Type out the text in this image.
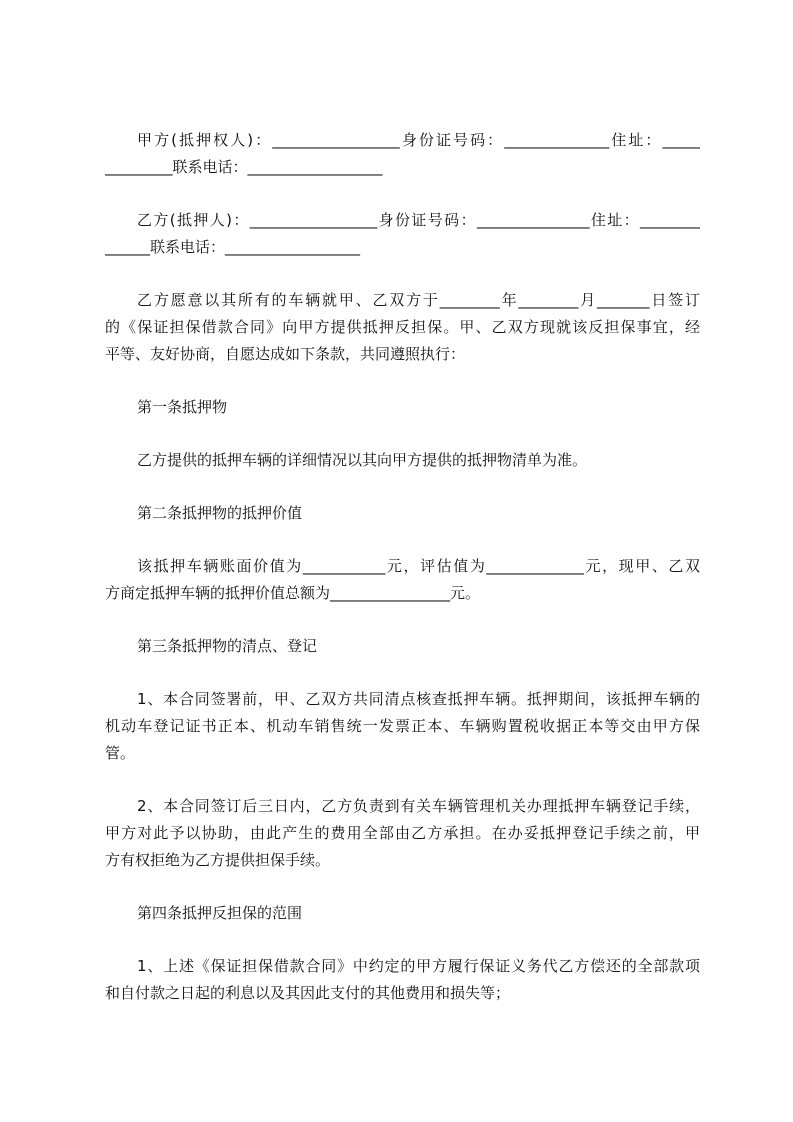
甲方(抵押权人)：_________________身份证号码：______________住址：_____
_________联系电话：__________________
乙方(抵押人)：_________________身份证号码：_______________住址：________
______联系电话：__________________
乙方愿意以其所有的车辆就甲、乙双方于________年________月_______日签订
的《保证担保借款合同》向甲方提供抵押反担保。甲、乙双方现就该反担保事宜，经
平等、友好协商，自愿达成如下条款，共同遵照执行：
第一条抵押物
乙方提供的抵押车辆的详细情况以其向甲方提供的抵押物清单为准。
第二条抵押物的抵押价值
该抵押车辆账面价值为___________元，评估值为_____________元，现甲、乙双
方商定抵押车辆的抵押价值总额为________________元。
第三条抵押物的清点、登记
1、本合同签署前，甲、乙双方共同清点核查抵押车辆。抵押期间，该抵押车辆的
机动车登记证书正本、机动车销售统一发票正本、车辆购置税收据正本等交由甲方保
管。
2、本合同签订后三日内，乙方负责到有关车辆管理机关办理抵押车辆登记手续，
甲方对此予以协助，由此产生的费用全部由乙方承担。在办妥抵押登记手续之前，甲
方有权拒绝为乙方提供担保手续。
第四条抵押反担保的范围
1、上述《保证担保借款合同》中约定的甲方履行保证义务代乙方偿还的全部款项
和自付款之日起的利息以及其因此支付的其他费用和损失等；
